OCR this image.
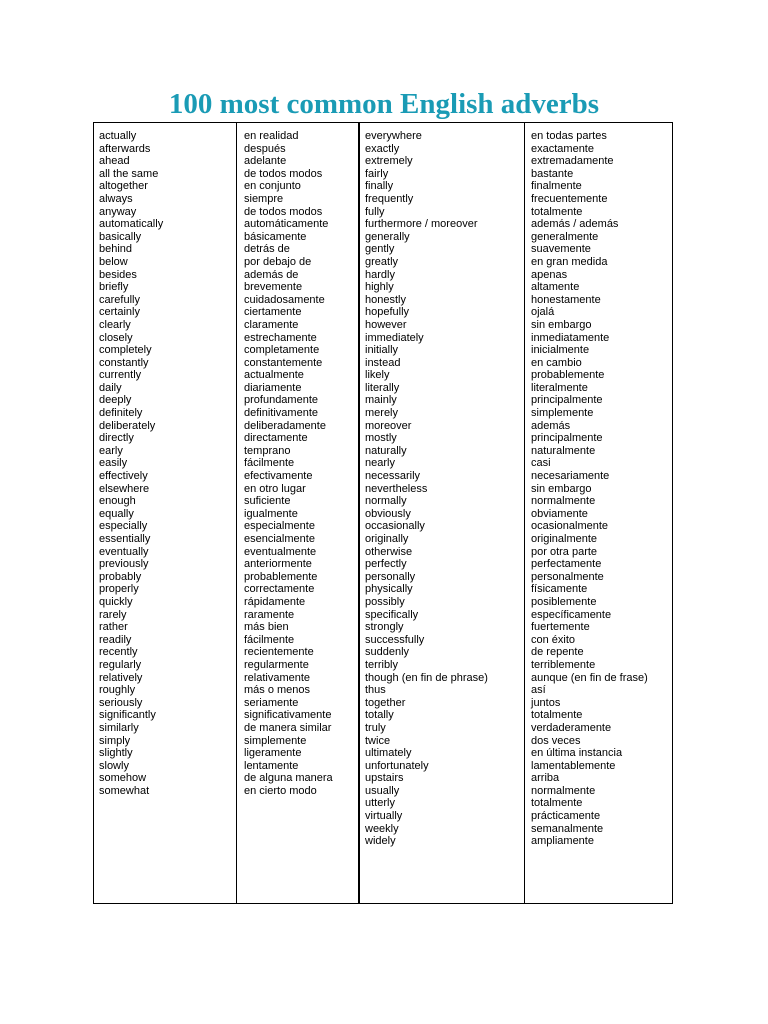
100 most common English adverbs
actually
afterwards
ahead
all the same
altogether
always
anyway
automatically
basically
behind
below
besides
briefly
carefully
certainly
clearly
closely
completely
constantly
currently
daily
deeply
definitely
deliberately
directly
early
easily
effectively
elsewhere
enough
equally
especially
essentially
eventually
previously
probably
properly
quickly
rarely
rather
readily
recently
regularly
relatively
roughly
seriously
significantly
similarly
simply
slightly
slowly
somehow
somewhat
en realidad
después
adelante
de todos modos
en conjunto
siempre
de todos modos
automáticamente
básicamente
detrás de
por debajo de
además de
brevemente
cuidadosamente
ciertamente
claramente
estrechamente
completamente
constantemente
actualmente
diariamente
profundamente
definitivamente
deliberadamente
directamente
temprano
fácilmente
efectivamente
en otro lugar
suficiente
igualmente
especialmente
esencialmente
eventualmente
anteriormente
probablemente
correctamente
rápidamente
raramente
más bien
fácilmente
recientemente
regularmente
relativamente
más o menos
seriamente
significativamente
de manera similar
simplemente
ligeramente
lentamente
de alguna manera
en cierto modo
everywhere
exactly
extremely
fairly
finally
frequently
fully
furthermore / moreover
generally
gently
greatly
hardly
highly
honestly
hopefully
however
immediately
initially
instead
likely
literally
mainly
merely
moreover
mostly
naturally
nearly
necessarily
nevertheless
normally
obviously
occasionally
originally
otherwise
perfectly
personally
physically
possibly
specifically
strongly
successfully
suddenly
terribly
though (en fin de phrase)
thus
together
totally
truly
twice
ultimately
unfortunately
upstairs
usually
utterly
virtually
weekly
widely
en todas partes
exactamente
extremadamente
bastante
finalmente
frecuentemente
totalmente
además / además
generalmente
suavemente
en gran medida
apenas
altamente
honestamente
ojalá
sin embargo
inmediatamente
inicialmente
en cambio
probablemente
literalmente
principalmente
simplemente
además
principalmente
naturalmente
casi
necesariamente
sin embargo
normalmente
obviamente
ocasionalmente
originalmente
por otra parte
perfectamente
personalmente
físicamente
posiblemente
específicamente
fuertemente
con éxito
de repente
terriblemente
aunque (en fin de frase)
así
juntos
totalmente
verdaderamente
dos veces
en última instancia
lamentablemente
arriba
normalmente
totalmente
prácticamente
semanalmente
ampliamente
